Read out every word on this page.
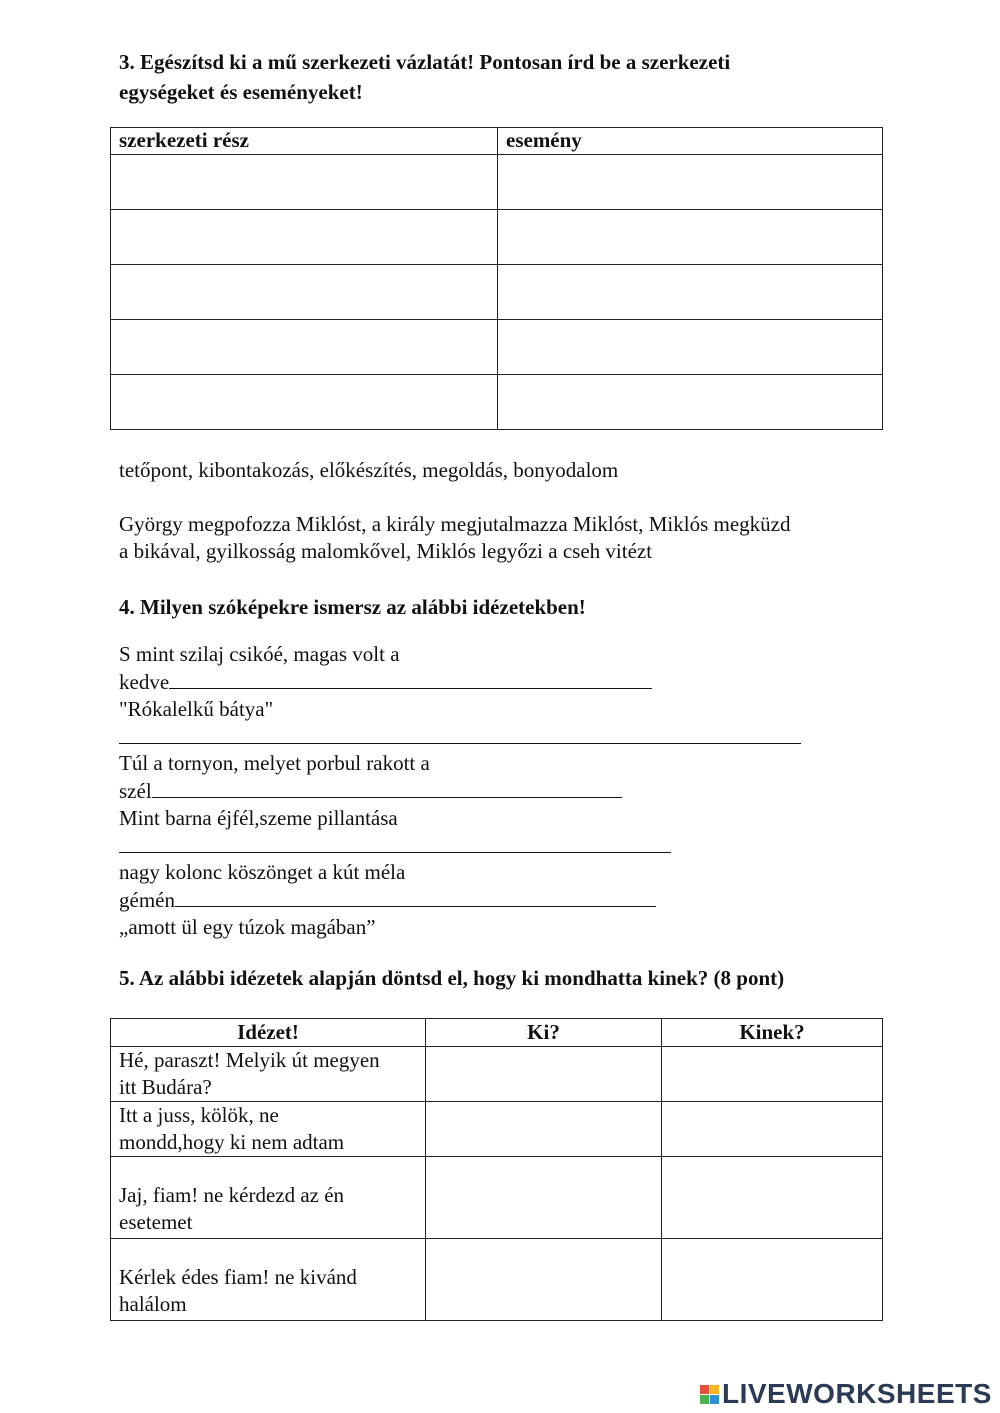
3. Egészítsd ki a mű szerkezeti vázlatát! Pontosan írd be a szerkezeti
egységeket és eseményeket!
szerkezeti rész	esemény

tetőpont, kibontakozás, előkészítés, megoldás, bonyodalom
György megpofozza Miklóst, a király megjutalmazza Miklóst, Miklós megküzd
a bikával, gyilkosság malomkővel, Miklós legyőzi a cseh vitézt
4. Milyen szóképekre ismersz az alábbi idézetekben!
S mint szilaj csikóé, magas volt a
kedve
"Rókalelkű bátya"
Túl a tornyon, melyet porbul rakott a
szél
Mint barna éjfél,szeme pillantása
nagy kolonc köszönget a kút méla
gémén
„amott ül egy túzok magában”
5. Az alábbi idézetek alapján döntsd el, hogy ki mondhatta kinek? (8 pont)
Idézet!	Ki?	Kinek?

Hé, paraszt! Melyik út megyen
itt Budára?		

Itt a juss, kölök, ne
mondd,hogy ki nem adtam		

Jaj, fiam! ne kérdezd az én
esetemet		

Kérlek édes fiam! ne kivánd
halálom		

LIVEWORKSHEETS
